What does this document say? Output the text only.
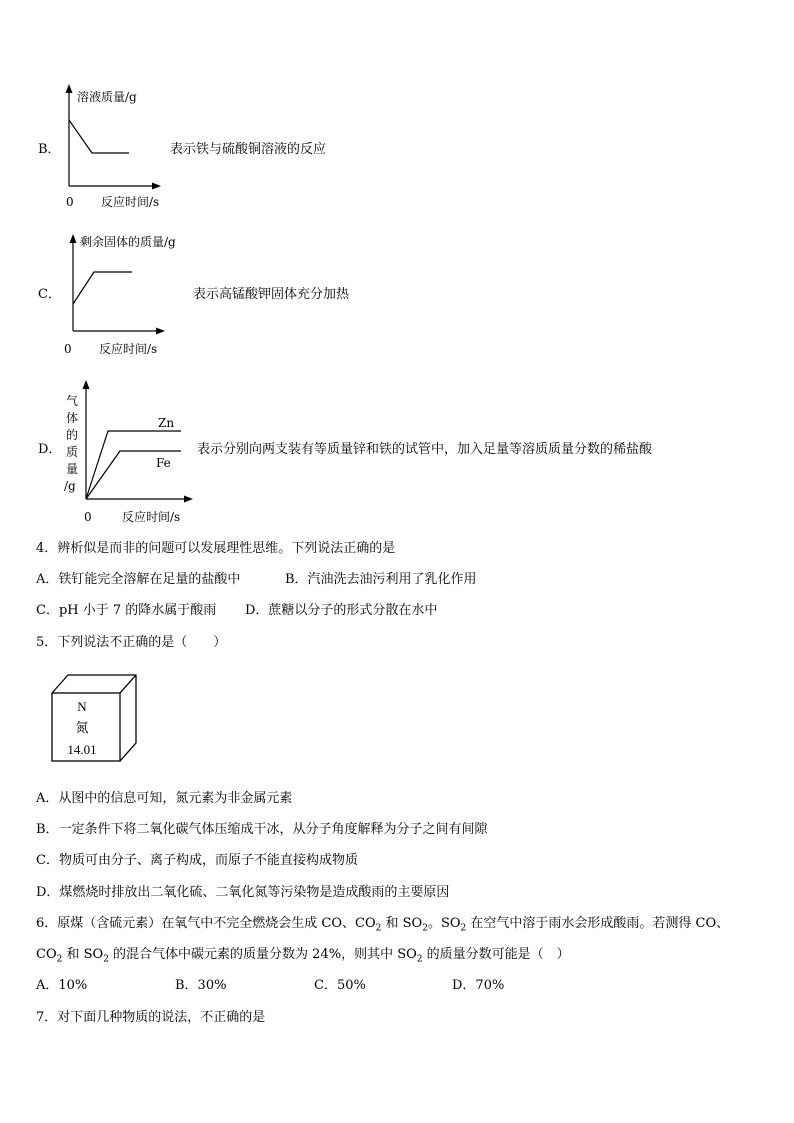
B．
溶液质量/g
0 反应时间/s
表示铁与硫酸铜溶液的反应
C．
剩余固体的质量/g
0 反应时间/s
表示高锰酸钾固体充分加热
D．
Zn
Fe
气
体
的
质
量
/g
0	反应时间/s
表示分别向两支装有等质量锌和铁的试管中，加入足量等溶质质量分数的稀盐酸
4．辨析似是而非的问题可以发展理性思维。下列说法正确的是
A．铁钉能完全溶解在足量的盐酸中	B．汽油洗去油污利用了乳化作用
C．pH 小于 7 的降水属于酸雨 D．蔗糖以分子的形式分散在水中
5．下列说法不正确的是（　　）
N
氮
14.01
A．从图中的信息可知，氮元素为非金属元素
B．一定条件下将二氧化碳气体压缩成干冰，从分子角度解释为分子之间有间隙
C．物质可由分子、离子构成，而原子不能直接构成物质
D．煤燃烧时排放出二氧化硫、二氧化氮等污染物是造成酸雨的主要原因
6．原煤（含硫元素）在氧气中不完全燃烧会生成 CO、$CO_2$ 和 $SO_2$。$SO_2$ 在空气中溶于雨水会形成酸雨。若测得 CO、
$CO_2$ 和 $SO_2$ 的混合气体中碳元素的质量分数为 24%，则其中 $SO_2$ 的质量分数可能是（　）
A．10%	B．30%	C．50%	D．70%
7．对下面几种物质的说法，不正确的是
